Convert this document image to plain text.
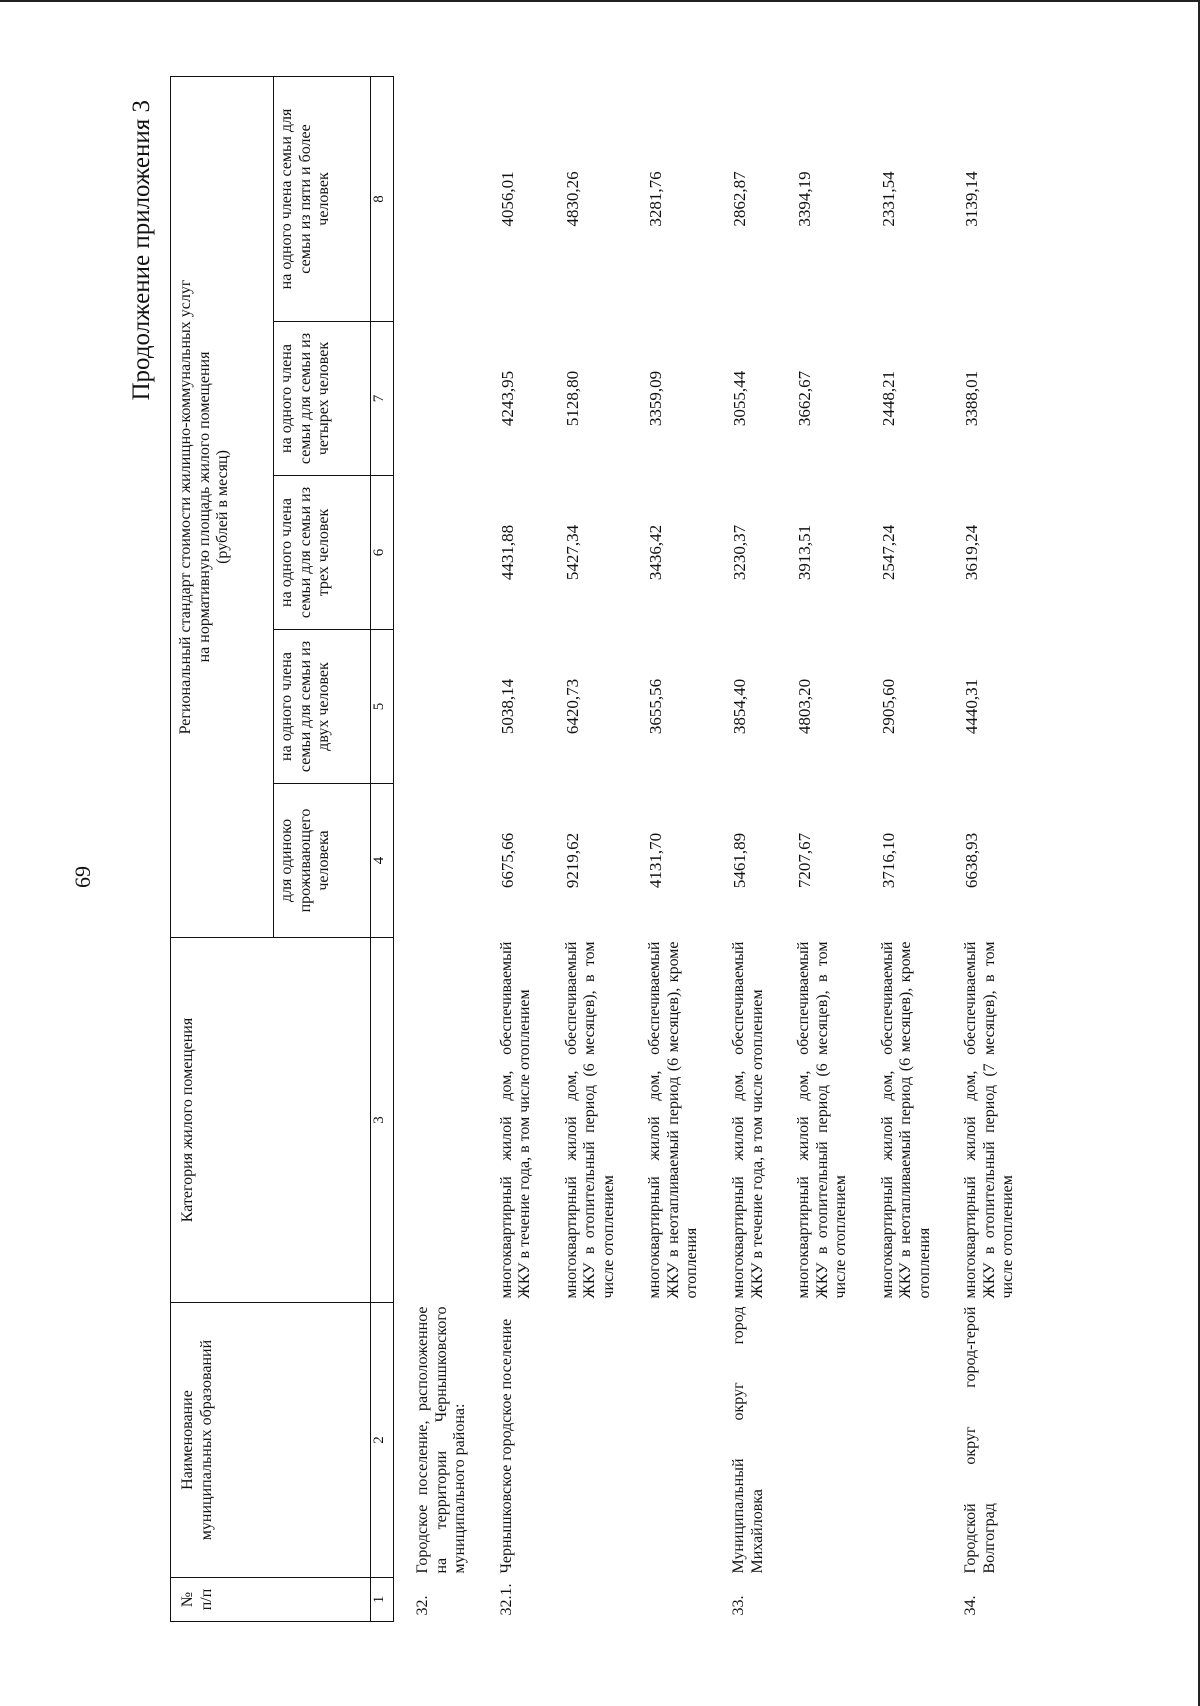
69
Продолжение приложения 3
№
п/п	Наименование
муниципальных образований	Категория жилого помещения	Региональный стандарт стоимости жилищно-коммунальных услуг
на нормативную площадь жилого помещения
(рублей в месяц)				
			для одиноко проживающего человека	на одного члена семьи для семьи из двух человек	на одного члена семьи для семьи из трех человек	на одного члена семьи для семьи из четырех человек	на одного члена семьи для семьи из пяти и более человек
1	2	3	4	5	6	7	8
32.	Городское поселение, расположенное на территории Чернышковского муниципального района:						
32.1.	Чернышковское городское поселение	многоквартирный жилой дом, обеспечиваемый ЖКУ в течение года, в том числе отоплением	6675,66	5038,14	4431,88	4243,95	4056,01
		многоквартирный жилой дом, обеспечиваемый ЖКУ в отопительный период (6 месяцев), в том числе отоплением	9219,62	6420,73	5427,34	5128,80	4830,26
		многоквартирный жилой дом, обеспечиваемый ЖКУ в неотапливаемый период (6 месяцев), кроме отопления	4131,70	3655,56	3436,42	3359,09	3281,76
33.	Муниципальный округ город Михайловка	многоквартирный жилой дом, обеспечиваемый ЖКУ в течение года, в том числе отоплением	5461,89	3854,40	3230,37	3055,44	2862,87
		многоквартирный жилой дом, обеспечиваемый ЖКУ в отопительный период (6 месяцев), в том числе отоплением	7207,67	4803,20	3913,51	3662,67	3394,19
		многоквартирный жилой дом, обеспечиваемый ЖКУ в неотапливаемый период (6 месяцев), кроме отопления	3716,10	2905,60	2547,24	2448,21	2331,54
34.	Городской округ город-герой Волгоград	многоквартирный жилой дом, обеспечиваемый ЖКУ в отопительный период (7 месяцев), в том числе отоплением	6638,93	4440,31	3619,24	3388,01	3139,14
